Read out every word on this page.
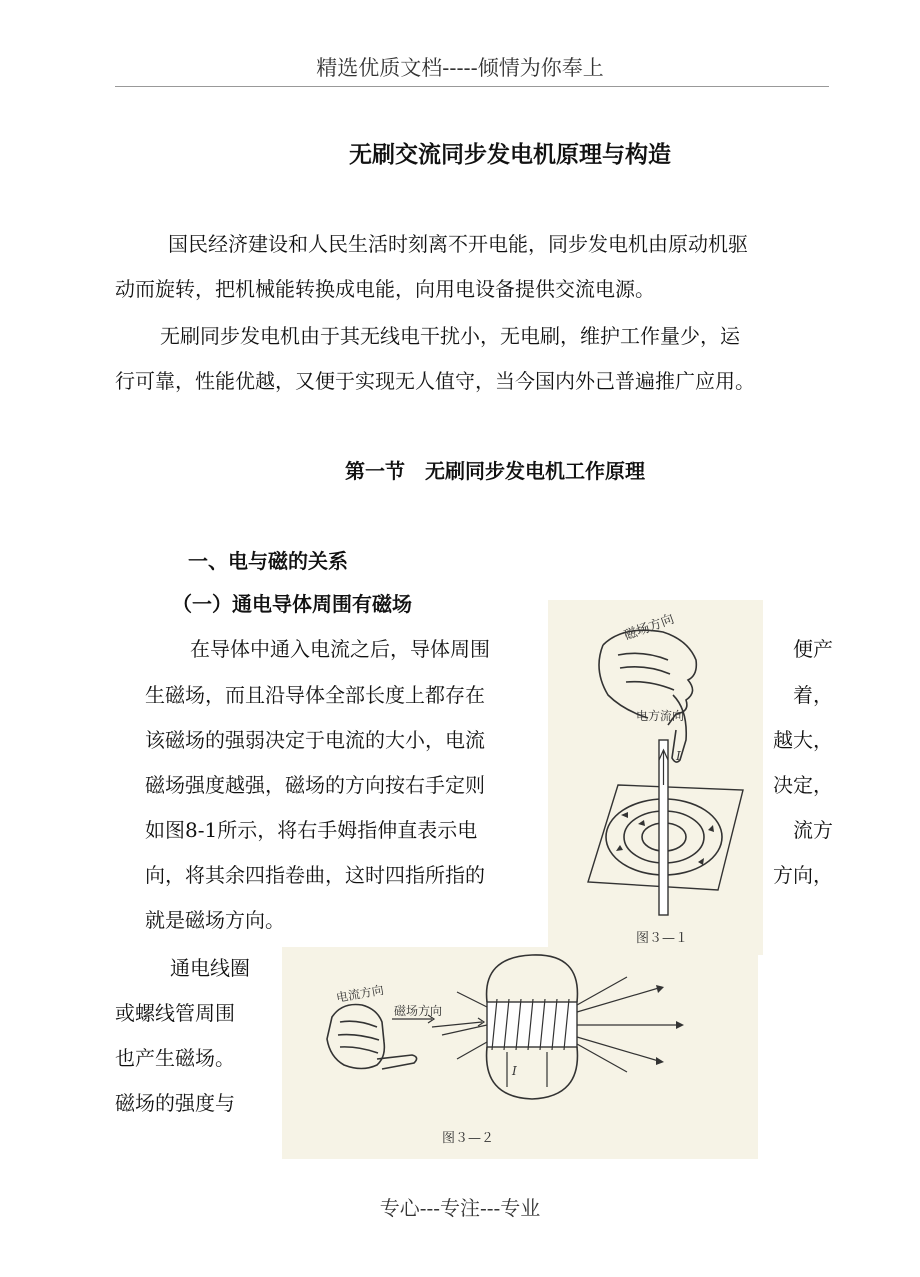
精选优质文档-----倾情为你奉上
无刷交流同步发电机原理与构造
国民经济建设和人民生活时刻离不开电能，同步发电机由原动机驱
动而旋转，把机械能转换成电能，向用电设备提供交流电源。
无刷同步发电机由于其无线电干扰小，无电刷，维护工作量少，运
行可靠，性能优越，又便于实现无人值守，当今国内外己普遍推广应用。
第一节　无刷同步发电机工作原理
一、电与磁的关系
（一）通电导体周围有磁场
在导体中通入电流之后，导体周围
生磁场，而且沿导体全部长度上都存在
该磁场的强弱决定于电流的大小，电流
磁场强度越强，磁场的方向按右手定则
如图8-1所示，将右手姆指伸直表示电
向，将其余四指卷曲，这时四指所指的
就是磁场方向。
便产
着，
越大，
决定，
流方
方向，
通电线圈
或螺线管周围
也产生磁场。
磁场的强度与
磁场方向
电方流向
I
图３—１
电流方向
磁场方向
I
图３—２
专心---专注---专业
